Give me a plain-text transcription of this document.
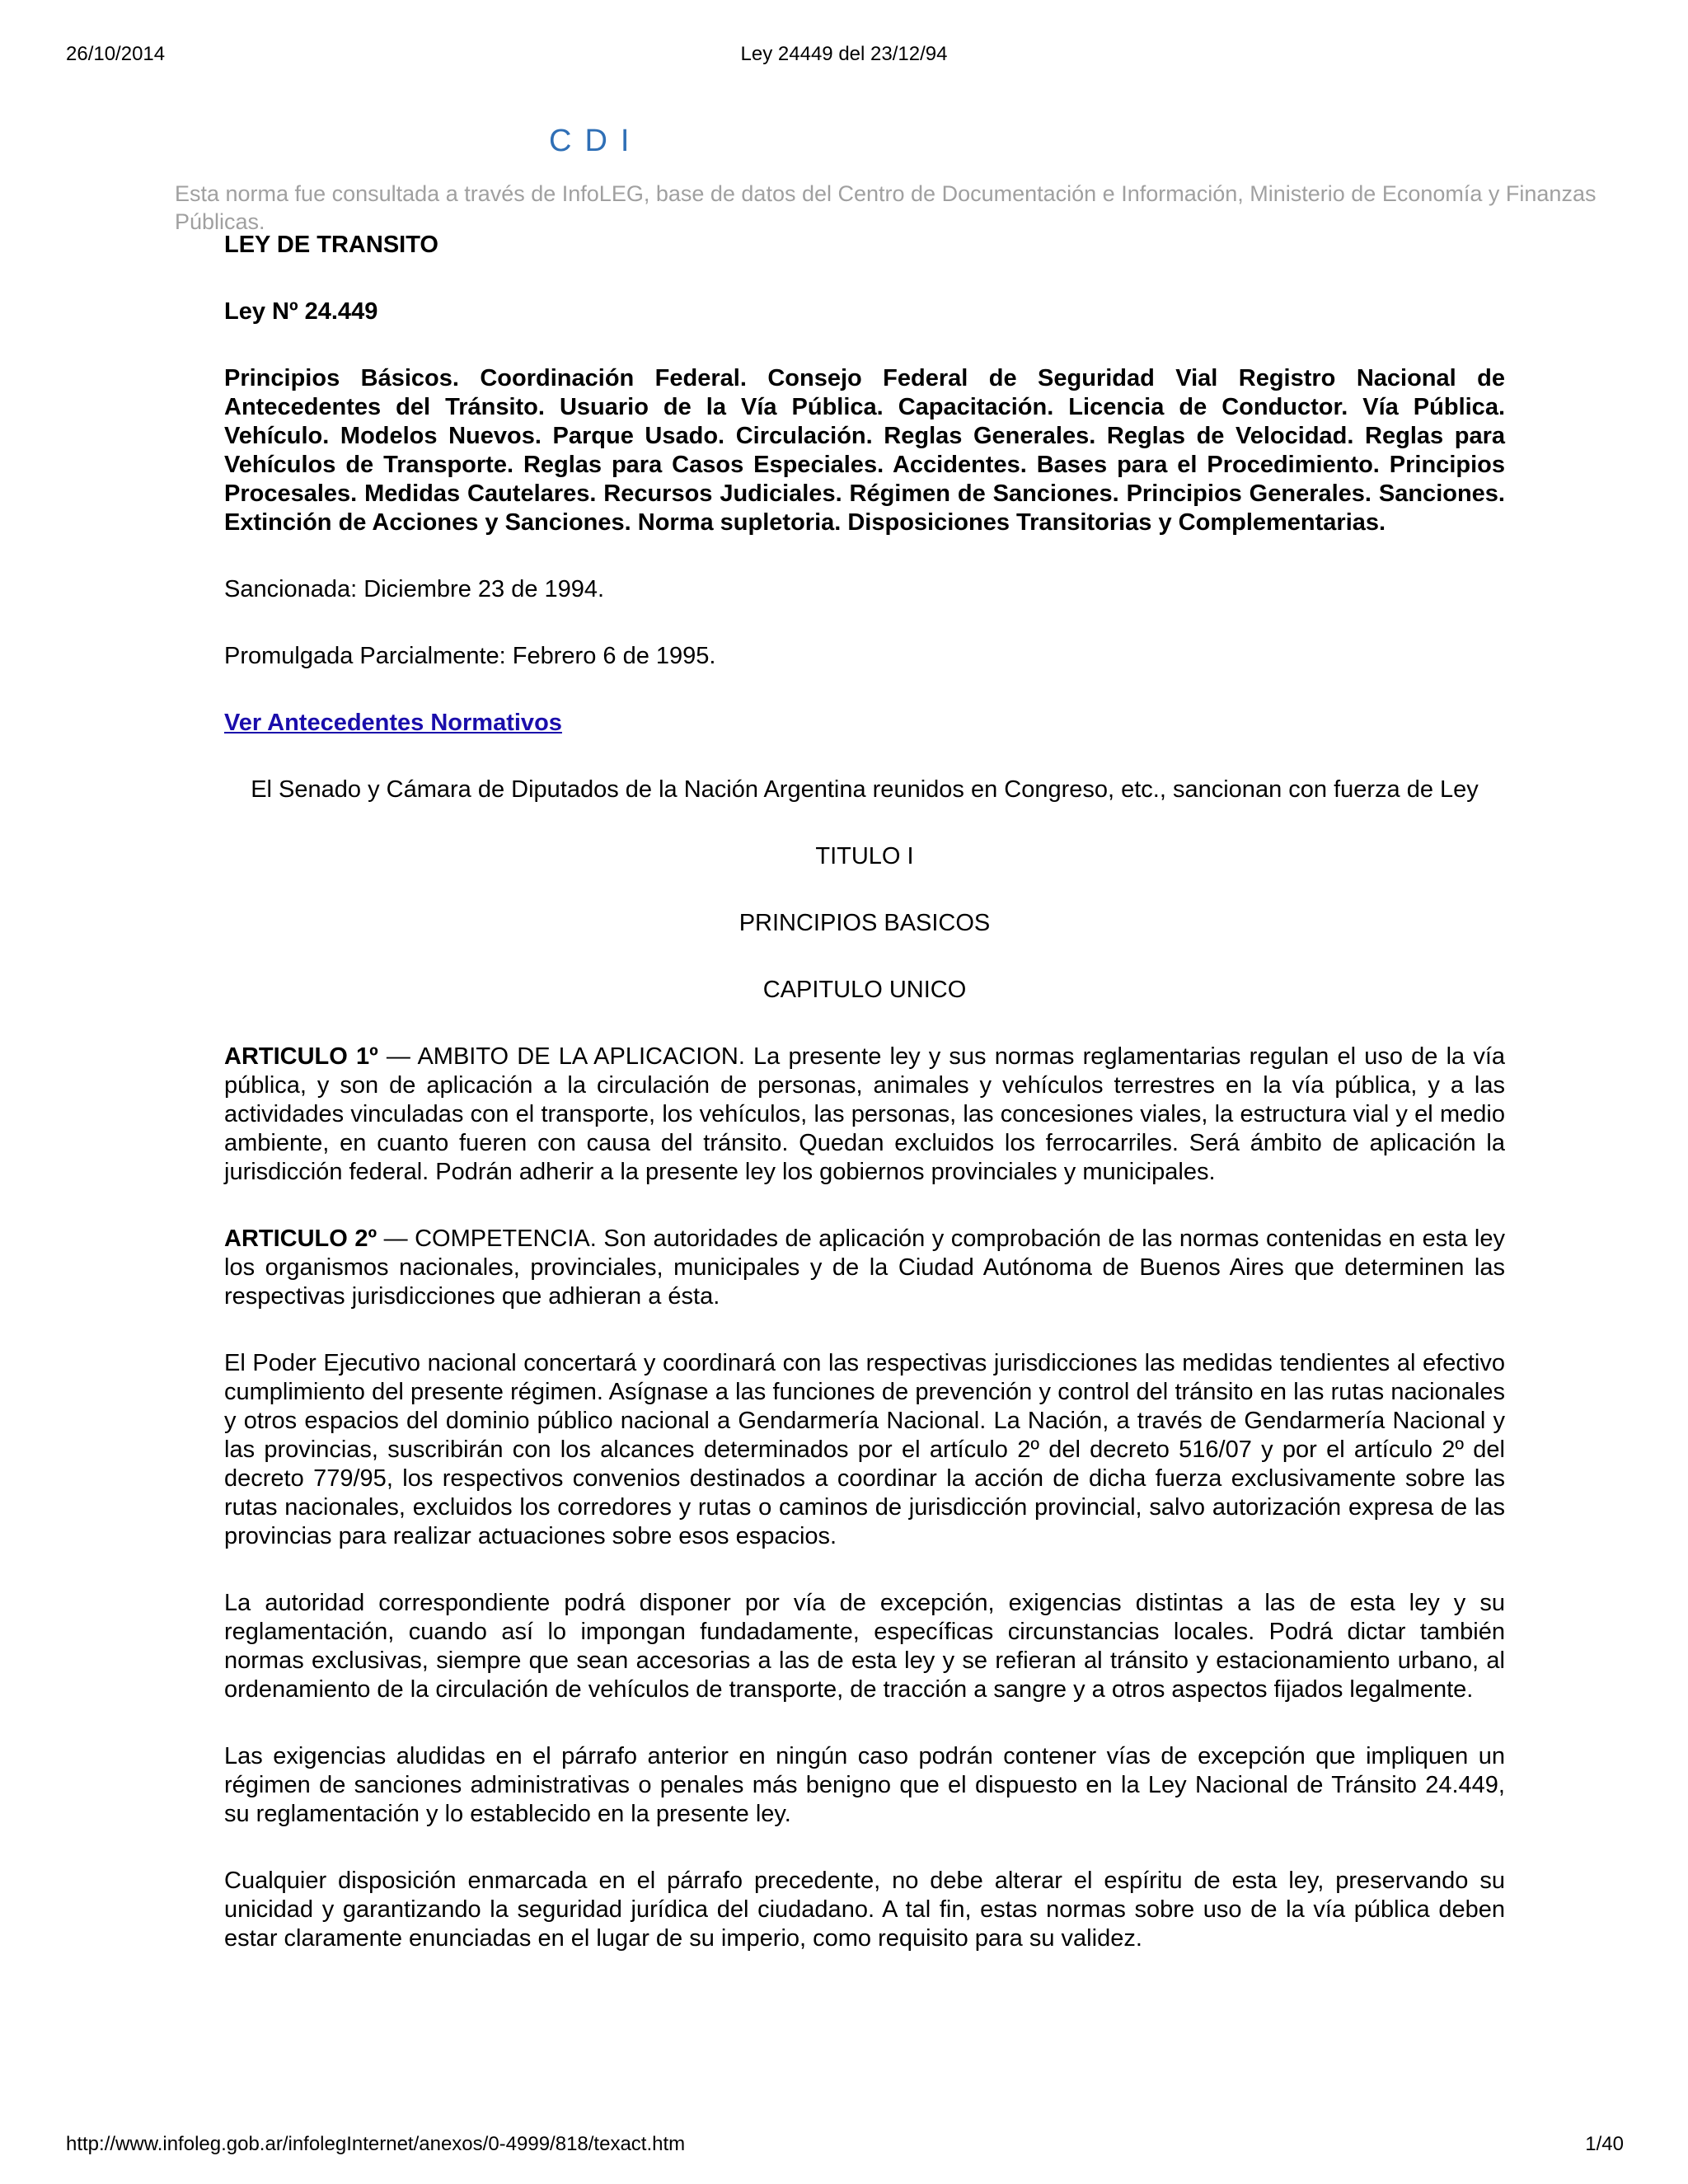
26/10/2014	Ley 24449 del 23/12/94
CDI
Esta norma fue consultada a través de InfoLEG, base de datos del Centro de Documentación e Información, Ministerio de Economía y Finanzas Públicas.

LEY DE TRANSITO

Ley Nº 24.449

Principios Básicos. Coordinación Federal. Consejo Federal de Seguridad Vial Registro Nacional de Antecedentes del Tránsito. Usuario de la Vía Pública. Capacitación. Licencia de Conductor. Vía Pública. Vehículo. Modelos Nuevos. Parque Usado. Circulación. Reglas Generales. Reglas de Velocidad. Reglas para Vehículos de Transporte. Reglas para Casos Especiales. Accidentes. Bases para el Procedimiento. Principios Procesales. Medidas Cautelares. Recursos Judiciales. Régimen de Sanciones. Principios Generales. Sanciones. Extinción de Acciones y Sanciones. Norma supletoria. Disposiciones Transitorias y Complementarias.

Sancionada: Diciembre 23 de 1994.

Promulgada Parcialmente: Febrero 6 de 1995.

Ver Antecedentes Normativos

El Senado y Cámara de Diputados de la Nación Argentina reunidos en Congreso, etc., sancionan con fuerza de Ley

TITULO I

PRINCIPIOS BASICOS

CAPITULO UNICO

ARTICULO 1º — AMBITO DE LA APLICACION. La presente ley y sus normas reglamentarias regulan el uso de la vía pública, y son de aplicación a la circulación de personas, animales y vehículos terrestres en la vía pública, y a las actividades vinculadas con el transporte, los vehículos, las personas, las concesiones viales, la estructura vial y el medio ambiente, en cuanto fueren con causa del tránsito. Quedan excluidos los ferrocarriles. Será ámbito de aplicación la jurisdicción federal. Podrán adherir a la presente ley los gobiernos provinciales y municipales.

ARTICULO 2º — COMPETENCIA. Son autoridades de aplicación y comprobación de las normas contenidas en esta ley los organismos nacionales, provinciales, municipales y de la Ciudad Autónoma de Buenos Aires que determinen las respectivas jurisdicciones que adhieran a ésta.

El Poder Ejecutivo nacional concertará y coordinará con las respectivas jurisdicciones las medidas tendientes al efectivo cumplimiento del presente régimen. Asígnase a las funciones de prevención y control del tránsito en las rutas nacionales y otros espacios del dominio público nacional a Gendarmería Nacional. La Nación, a través de Gendarmería Nacional y las provincias, suscribirán con los alcances determinados por el artículo 2º del decreto 516/07 y por el artículo 2º del decreto 779/95, los respectivos convenios destinados a coordinar la acción de dicha fuerza exclusivamente sobre las rutas nacionales, excluidos los corredores y rutas o caminos de jurisdicción provincial, salvo autorización expresa de las provincias para realizar actuaciones sobre esos espacios.

La autoridad correspondiente podrá disponer por vía de excepción, exigencias distintas a las de esta ley y su reglamentación, cuando así lo impongan fundadamente, específicas circunstancias locales. Podrá dictar también normas exclusivas, siempre que sean accesorias a las de esta ley y se refieran al tránsito y estacionamiento urbano, al ordenamiento de la circulación de vehículos de transporte, de tracción a sangre y a otros aspectos fijados legalmente.

Las exigencias aludidas en el párrafo anterior en ningún caso podrán contener vías de excepción que impliquen un régimen de sanciones administrativas o penales más benigno que el dispuesto en la Ley Nacional de Tránsito 24.449, su reglamentación y lo establecido en la presente ley.

Cualquier disposición enmarcada en el párrafo precedente, no debe alterar el espíritu de esta ley, preservando su unicidad y garantizando la seguridad jurídica del ciudadano. A tal fin, estas normas sobre uso de la vía pública deben estar claramente enunciadas en el lugar de su imperio, como requisito para su validez.

http://www.infoleg.gob.ar/infolegInternet/anexos/0-4999/818/texact.htm	1/40
